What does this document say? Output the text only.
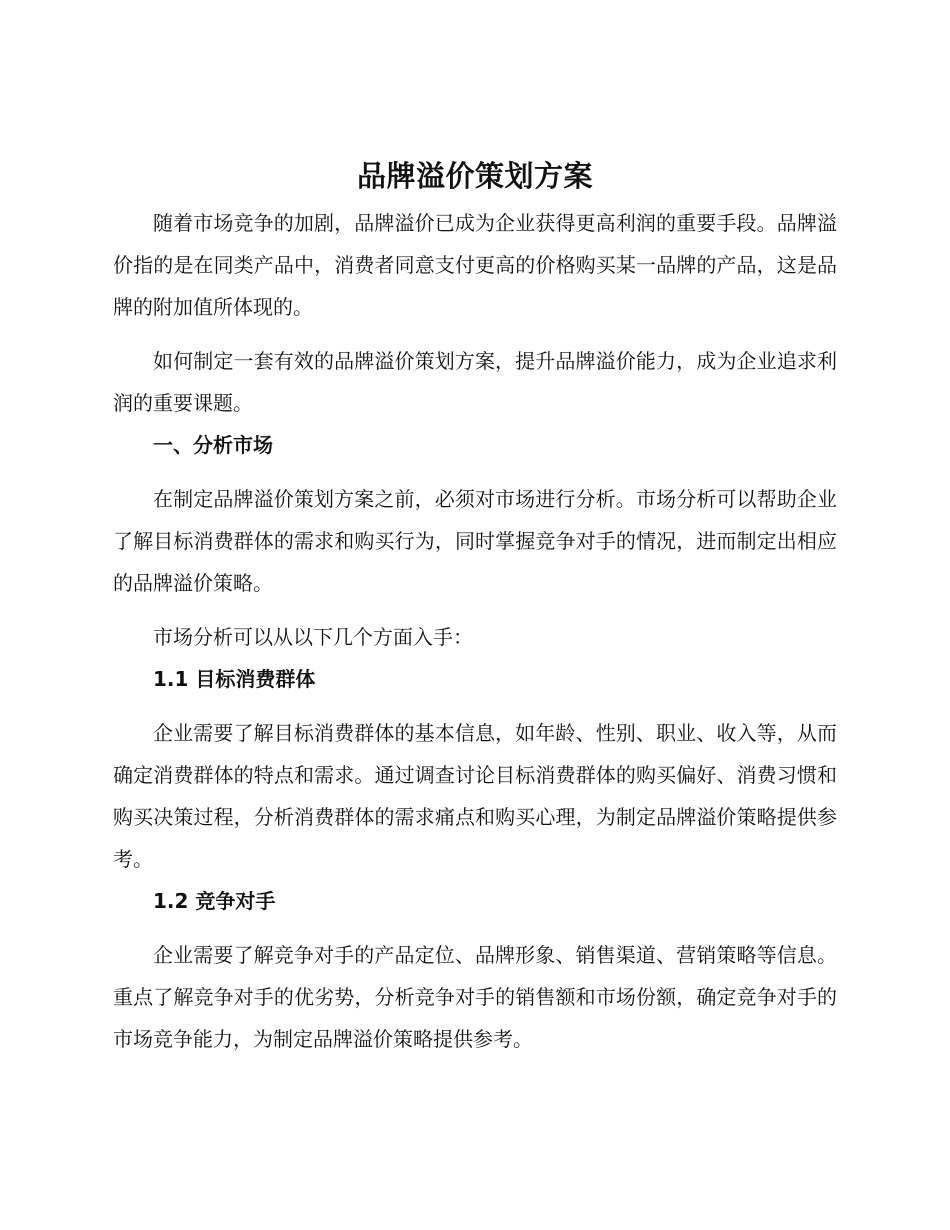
品牌溢价策划方案

随着市场竞争的加剧，品牌溢价已成为企业获得更高利润的重要手段。品牌溢价指的是在同类产品中，消费者同意支付更高的价格购买某一品牌的产品，这是品牌的附加值所体现的。

如何制定一套有效的品牌溢价策划方案，提升品牌溢价能力，成为企业追求利润的重要课题。

一、分析市场

在制定品牌溢价策划方案之前，必须对市场进行分析。市场分析可以帮助企业了解目标消费群体的需求和购买行为，同时掌握竞争对手的情况，进而制定出相应的品牌溢价策略。

市场分析可以从以下几个方面入手：

1.1 目标消费群体

企业需要了解目标消费群体的基本信息，如年龄、性别、职业、收入等，从而确定消费群体的特点和需求。通过调查讨论目标消费群体的购买偏好、消费习惯和购买决策过程，分析消费群体的需求痛点和购买心理，为制定品牌溢价策略提供参考。

1.2 竞争对手

企业需要了解竞争对手的产品定位、品牌形象、销售渠道、营销策略等信息。重点了解竞争对手的优劣势，分析竞争对手的销售额和市场份额，确定竞争对手的市场竞争能力，为制定品牌溢价策略提供参考。
